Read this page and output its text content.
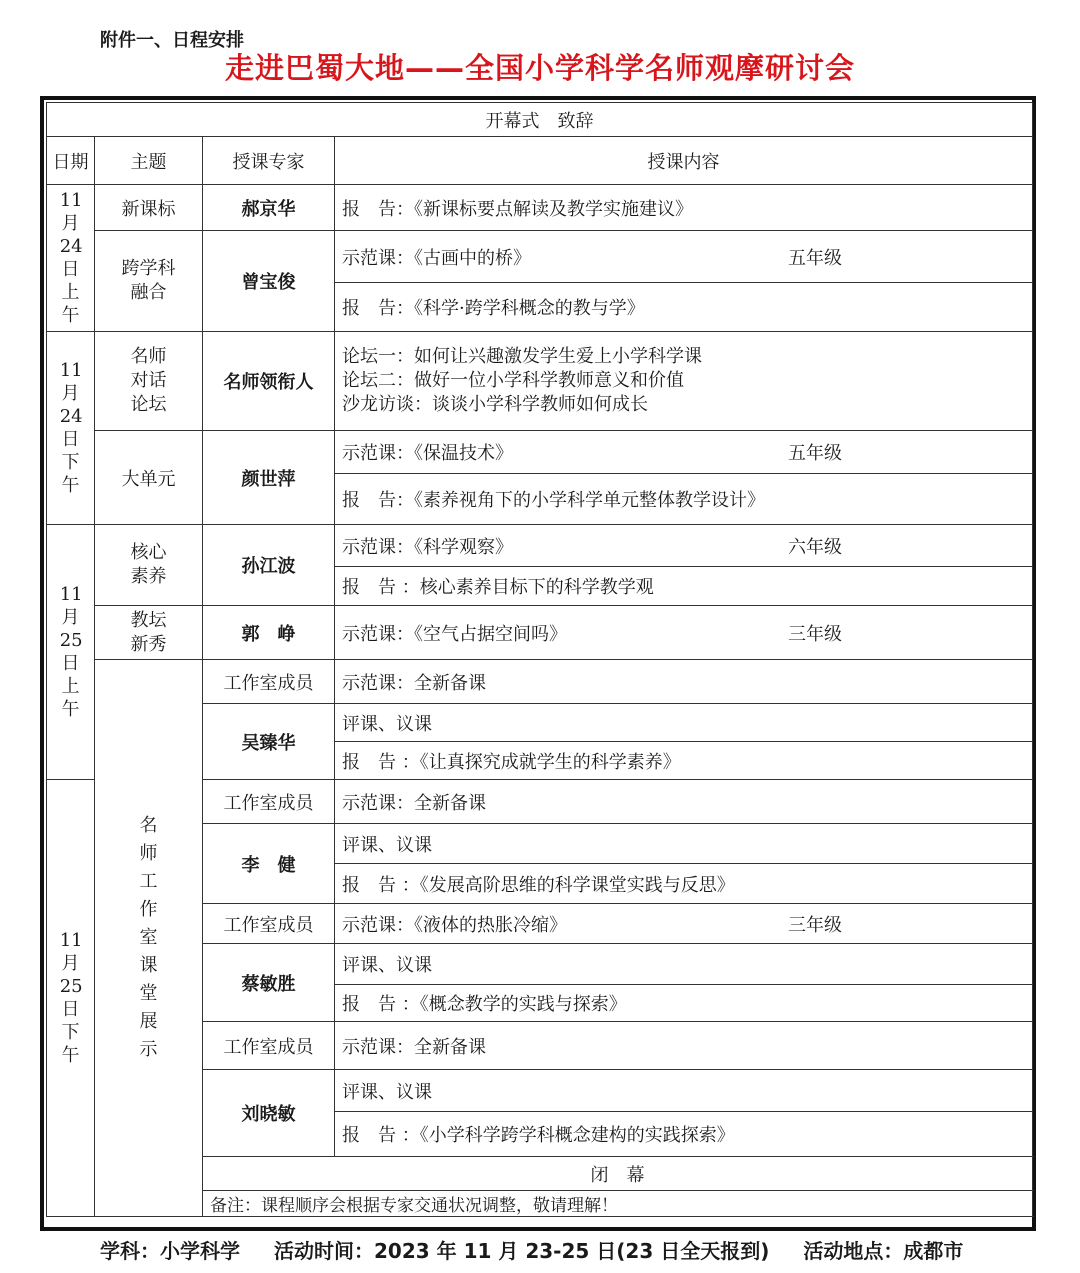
附件一、日程安排
走进巴蜀大地——全国小学科学名师观摩研讨会
开幕式　致辞			
日期	主题	授课专家	授课内容
11月24日上午	新课标	郝京华	报　告：《新课标要点解读及教学实施建议》

	跨学科融合	曾宝俊	示范课：《古画中的桥》 五年级

			报　告：《科学·跨学科概念的教与学》
11月24日下午	名师对话论坛	名师领衔人	论坛一：如何让兴趣激发学生爱上小学科学课
论坛二：做好一位小学科学教师意义和价值
沙龙访谈：谈谈小学科学教师如何成长

	大单元	颜世萍	示范课：《保温技术》 五年级

			报　告：《素养视角下的小学科学单元整体教学设计》
11月25日上午	核心素养	孙江波	示范课：《科学观察》 六年级

			报　告 ：核心素养目标下的科学教学观

	教坛新秀	郭　峥	示范课：《空气占据空间吗》 三年级

	名师工作室课堂展示	工作室成员	示范课：全新备课
		吴臻华	评课、议课
			报　告 ：《让真探究成就学生的科学素养》
11月25日下午		工作室成员	示范课：全新备课
		李　健	评课、议课
			报　告 ：《发展高阶思维的科学课堂实践与反思》
		工作室成员	示范课：《液体的热胀冷缩》 三年级

		蔡敏胜	评课、议课
			报　告 ：《概念教学的实践与探索》
		工作室成员	示范课：全新备课
		刘晓敏	评课、议课
			报　告 ：《小学科学跨学科概念建构的实践探索》
		闭　幕	
		备注：课程顺序会根据专家交通状况调整，敬请理解！	
学科：小学科学 活动时间：2023 年 11 月 23-25 日(23 日全天报到) 活动地点：成都市
